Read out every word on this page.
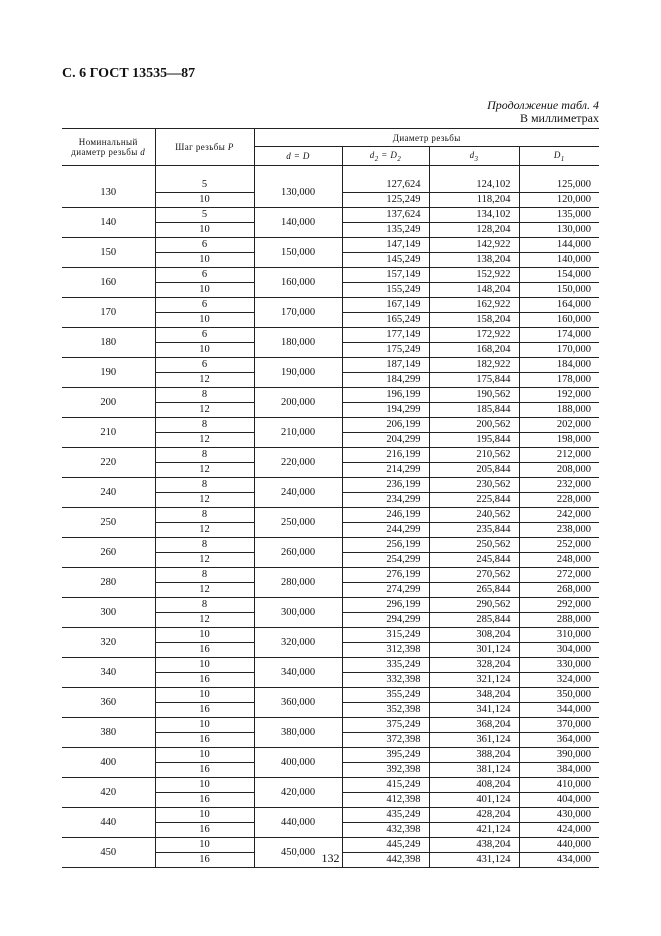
С. 6 ГОСТ 13535—87
Продолжение табл. 4
В миллиметрах
Номинальный
диаметр резьбы d	Шаг резьбы P	Диаметр резьбы			
		d = D	$d_2 = D_2$	$d_3$	$D_1$

130	5	130,000	127,624	124,102	125,000
	10		125,249	118,204	120,000
140	5	140,000	137,624	134,102	135,000
	10		135,249	128,204	130,000
150	6	150,000	147,149	142,922	144,000
	10		145,249	138,204	140,000
160	6	160,000	157,149	152,922	154,000
	10		155,249	148,204	150,000
170	6	170,000	167,149	162,922	164,000
	10		165,249	158,204	160,000
180	6	180,000	177,149	172,922	174,000
	10		175,249	168,204	170,000
190	6	190,000	187,149	182,922	184,000
	12		184,299	175,844	178,000
200	8	200,000	196,199	190,562	192,000
	12		194,299	185,844	188,000
210	8	210,000	206,199	200,562	202,000
	12		204,299	195,844	198,000
220	8	220,000	216,199	210,562	212,000
	12		214,299	205,844	208,000
240	8	240,000	236,199	230,562	232,000
	12		234,299	225,844	228,000
250	8	250,000	246,199	240,562	242,000
	12		244,299	235,844	238,000
260	8	260,000	256,199	250,562	252,000
	12		254,299	245,844	248,000
280	8	280,000	276,199	270,562	272,000
	12		274,299	265,844	268,000
300	8	300,000	296,199	290,562	292,000
	12		294,299	285,844	288,000
320	10	320,000	315,249	308,204	310,000
	16		312,398	301,124	304,000
340	10	340,000	335,249	328,204	330,000
	16		332,398	321,124	324,000
360	10	360,000	355,249	348,204	350,000
	16		352,398	341,124	344,000
380	10	380,000	375,249	368,204	370,000
	16		372,398	361,124	364,000
400	10	400,000	395,249	388,204	390,000
	16		392,398	381,124	384,000
420	10	420,000	415,249	408,204	410,000
	16		412,398	401,124	404,000
440	10	440,000	435,249	428,204	430,000
	16		432,398	421,124	424,000
450	10	450,000	445,249	438,204	440,000
	16		442,398	431,124	434,000
132
